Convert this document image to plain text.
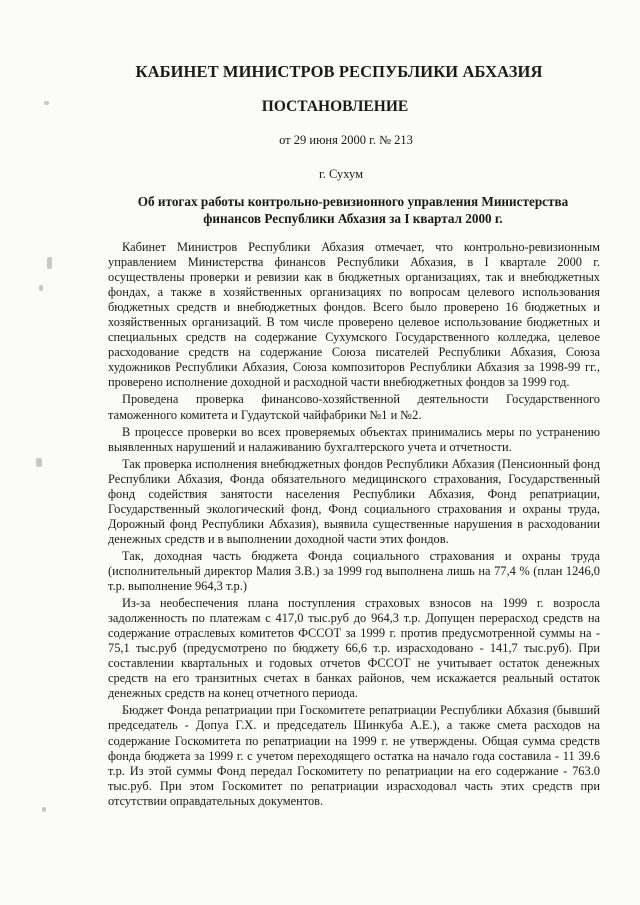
КАБИНЕТ МИНИСТРОВ РЕСПУБЛИКИ АБХАЗИЯ
ПОСТАНОВЛЕНИЕ
от 29 июня 2000 г. № 213
г. Сухум
Об итогах работы контрольно-ревизионного управления Министерства финансов Республики Абхазия за I квартал 2000 г.

Кабинет Министров Республики Абхазия отмечает, что контрольно-ревизионным управлением Министерства финансов Республики Абхазия, в I квартале 2000 г. осуществлены проверки и ревизии как в бюджетных организациях, так и внебюджетных фондах, а также в хозяйственных организациях по вопросам целевого использования бюджетных средств и внебюджетных фондов. Всего было проверено 16 бюджетных и хозяйственных организаций. В том числе проверено целевое использование бюджетных и специальных средств на содержание Сухумского Государственного колледжа, целевое расходование средств на содержание Союза писателей Республики Абхазия, Союза художников Республики Абхазия, Союза композиторов Республики Абхазия за 1998-99 гг., проверено исполнение доходной и расходной части внебюджетных фондов за 1999 год.

Проведена проверка финансово-хозяйственной деятельности Государственного таможенного комитета и Гудаутской чайфабрики №1 и №2.

В процессе проверки во всех проверяемых объектах принимались меры по устранению выявленных нарушений и налаживанию бухгалтерского учета и отчетности.

Так проверка исполнения внебюджетных фондов Республики Абхазия (Пенсионный фонд Республики Абхазия, Фонда обязательного медицинского страхования, Государственный фонд содействия занятости населения Республики Абхазия, Фонд репатриации, Государственный экологический фонд, Фонд социального страхования и охраны труда, Дорожный фонд Республики Абхазия), выявила существенные нарушения в расходовании денежных средств и в выполнении доходной части этих фондов.

Так, доходная часть бюджета Фонда социального страхования и охраны труда (исполнительный директор Малия З.В.) за 1999 год выполнена лишь на 77,4 % (план 1246,0 т.р. выполнение 964,3 т.р.)

Из-за необеспечения плана поступления страховых взносов на 1999 г. возросла задолженность по платежам с 417,0 тыс.руб до 964,3 т.р. Допущен перерасход средств на содержание отраслевых комитетов ФССОТ за 1999 г. против предусмотренной суммы на - 75,1 тыс.руб (предусмотрено по бюджету 66,6 т.р. израсходовано - 141,7 тыс.руб). При составлении квартальных и годовых отчетов ФССОТ не учитывает остаток денежных средств на его транзитных счетах в банках районов, чем искажается реальный остаток денежных средств на конец отчетного периода.

Бюджет Фонда репатриации при Госкомитете репатриации Республики Абхазия (бывший председатель - Допуа Г.Х. и председатель Шинкуба А.Е.), а также смета расходов на содержание Госкомитета по репатриации на 1999 г. не утверждены. Общая сумма средств фонда бюджета за 1999 г. с учетом переходящего остатка на начало года составила - 11 39.6 т.р. Из этой суммы Фонд передал Госкомитету по репатриации на его содержание - 763.0 тыс.руб. При этом Госкомитет по репатриации израсходовал часть этих средств при отсутствии оправдательных документов.
